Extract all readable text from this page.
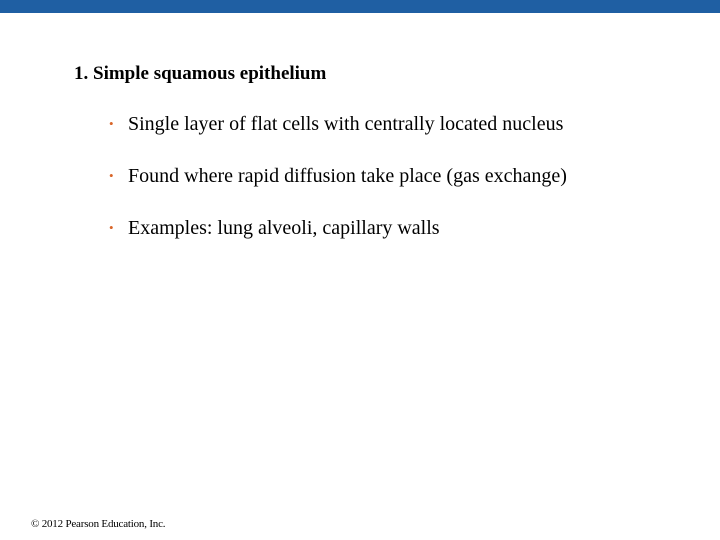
1. Simple squamous epithelium
• Single layer of flat cells with centrally located nucleus
• Found where rapid diffusion take place (gas exchange)
• Examples: lung alveoli, capillary walls
© 2012 Pearson Education, Inc.
